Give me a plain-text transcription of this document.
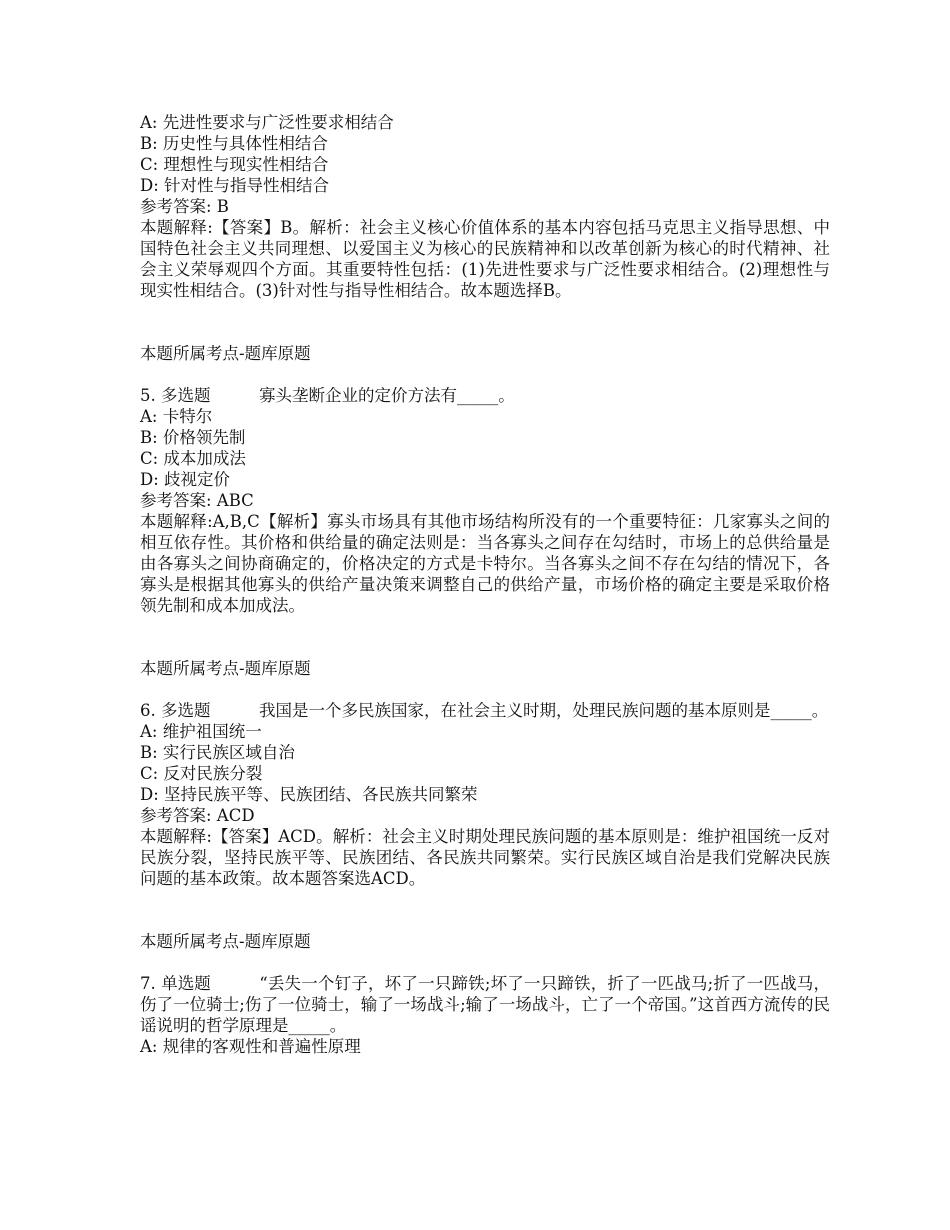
A: 先进性要求与广泛性要求相结合

B: 历史性与具体性相结合

C: 理想性与现实性相结合

D: 针对性与指导性相结合

参考答案: B

本题解释:【答案】B。解析：社会主义核心价值体系的基本内容包括马克思主义指导思想、中国特色社会主义共同理想、以爱国主义为核心的民族精神和以改革创新为核心的时代精神、社会主义荣辱观四个方面。其重要特性包括：(1)先进性要求与广泛性要求相结合。(2)理想性与现实性相结合。(3)针对性与指导性相结合。故本题选择B。

本题所属考点-题库原题

5. 多选题	寡头垄断企业的定价方法有_____。

A: 卡特尔

B: 价格领先制

C: 成本加成法

D: 歧视定价

参考答案: ABC

本题解释:A,B,C【解析】寡头市场具有其他市场结构所没有的一个重要特征：几家寡头之间的相互依存性。其价格和供给量的确定法则是：当各寡头之间存在勾结时，市场上的总供给量是由各寡头之间协商确定的，价格决定的方式是卡特尔。当各寡头之间不存在勾结的情况下，各寡头是根据其他寡头的供给产量决策来调整自己的供给产量，市场价格的确定主要是采取价格领先制和成本加成法。

本题所属考点-题库原题

6. 多选题	我国是一个多民族国家，在社会主义时期，处理民族问题的基本原则是_____。

A: 维护祖国统一

B: 实行民族区域自治

C: 反对民族分裂

D: 坚持民族平等、民族团结、各民族共同繁荣

参考答案: ACD

本题解释:【答案】ACD。解析：社会主义时期处理民族问题的基本原则是：维护祖国统一反对民族分裂，坚持民族平等、民族团结、各民族共同繁荣。实行民族区域自治是我们党解决民族问题的基本政策。故本题答案选ACD。

本题所属考点-题库原题

7. 单选题	“丢失一个钉子，坏了一只蹄铁;坏了一只蹄铁，折了一匹战马;折了一匹战马，伤了一位骑士;伤了一位骑士，输了一场战斗;输了一场战斗，亡了一个帝国。”这首西方流传的民谣说明的哲学原理是_____。

A: 规律的客观性和普遍性原理
